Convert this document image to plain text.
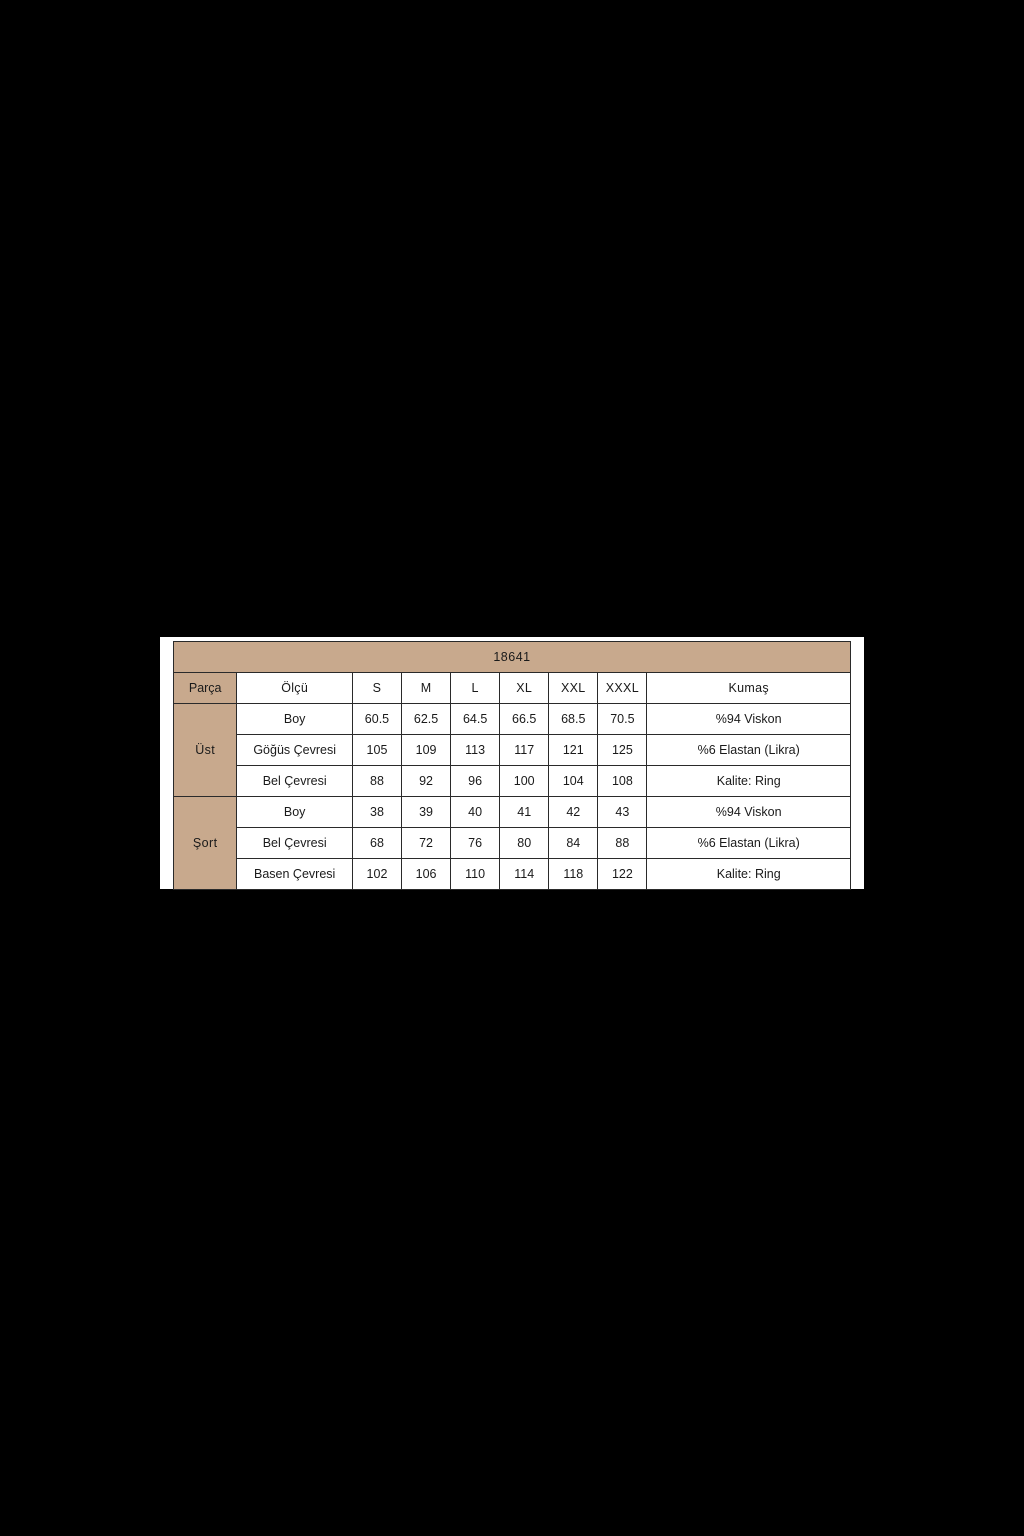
18641								
Parça	Ölçü	S	M	L	XL	XXL	XXXL	Kumaş
Üst	Boy	60.5	62.5	64.5	66.5	68.5	70.5	%94 Viskon
	Göğüs Çevresi	105	109	113	117	121	125	%6 Elastan (Likra)
	Bel Çevresi	88	92	96	100	104	108	Kalite: Ring
Şort	Boy	38	39	40	41	42	43	%94 Viskon
	Bel Çevresi	68	72	76	80	84	88	%6 Elastan (Likra)
	Basen Çevresi	102	106	110	114	118	122	Kalite: Ring
